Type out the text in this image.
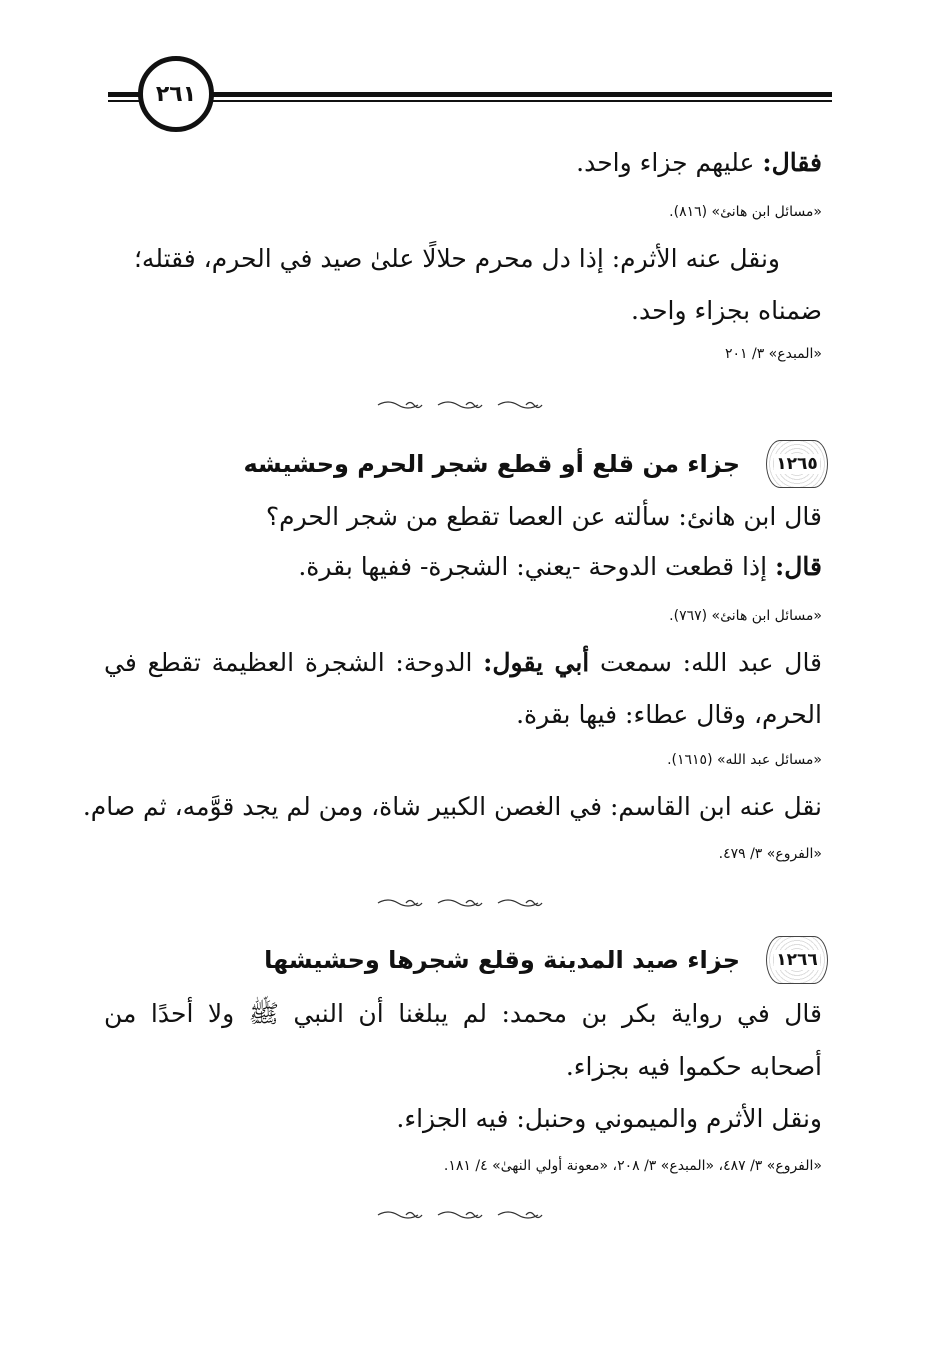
٢٦١
فقال: عليهم جزاء واحد.
«مسائل ابن هانئ» (٨١٦).
ونقل عنه الأثرم: إذا دل محرم حلالًا علىٰ صيد في الحرم، فقتله؛
ضمناه بجزاء واحد.
«المبدع» ٣/ ٢٠١
١٢٦٥
جزاء من قلع أو قطع شجر الحرم وحشيشه
قال ابن هانئ: سألته عن العصا تقطع من شجر الحرم؟
قال: إذا قطعت الدوحة -يعني: الشجرة- ففيها بقرة.
«مسائل ابن هانئ» (٧٦٧).
قال عبد الله: سمعت أبي يقول: الدوحة: الشجرة العظيمة تقطع في
الحرم، وقال عطاء: فيها بقرة.
«مسائل عبد الله» (١٦١٥).
نقل عنه ابن القاسم: في الغصن الكبير شاة، ومن لم يجد قوَّمه، ثم صام.
«الفروع» ٣/ ٤٧٩.
١٢٦٦
جزاء صيد المدينة وقلع شجرها وحشيشها
قال في رواية بكر بن محمد: لم يبلغنا أن النبي ﷺ ولا أحدًا من
أصحابه حكموا فيه بجزاء.
ونقل الأثرم والميموني وحنبل: فيه الجزاء.
«الفروع» ٣/ ٤٨٧، «المبدع» ٣/ ٢٠٨، «معونة أولي النهىٰ» ٤/ ١٨١.
